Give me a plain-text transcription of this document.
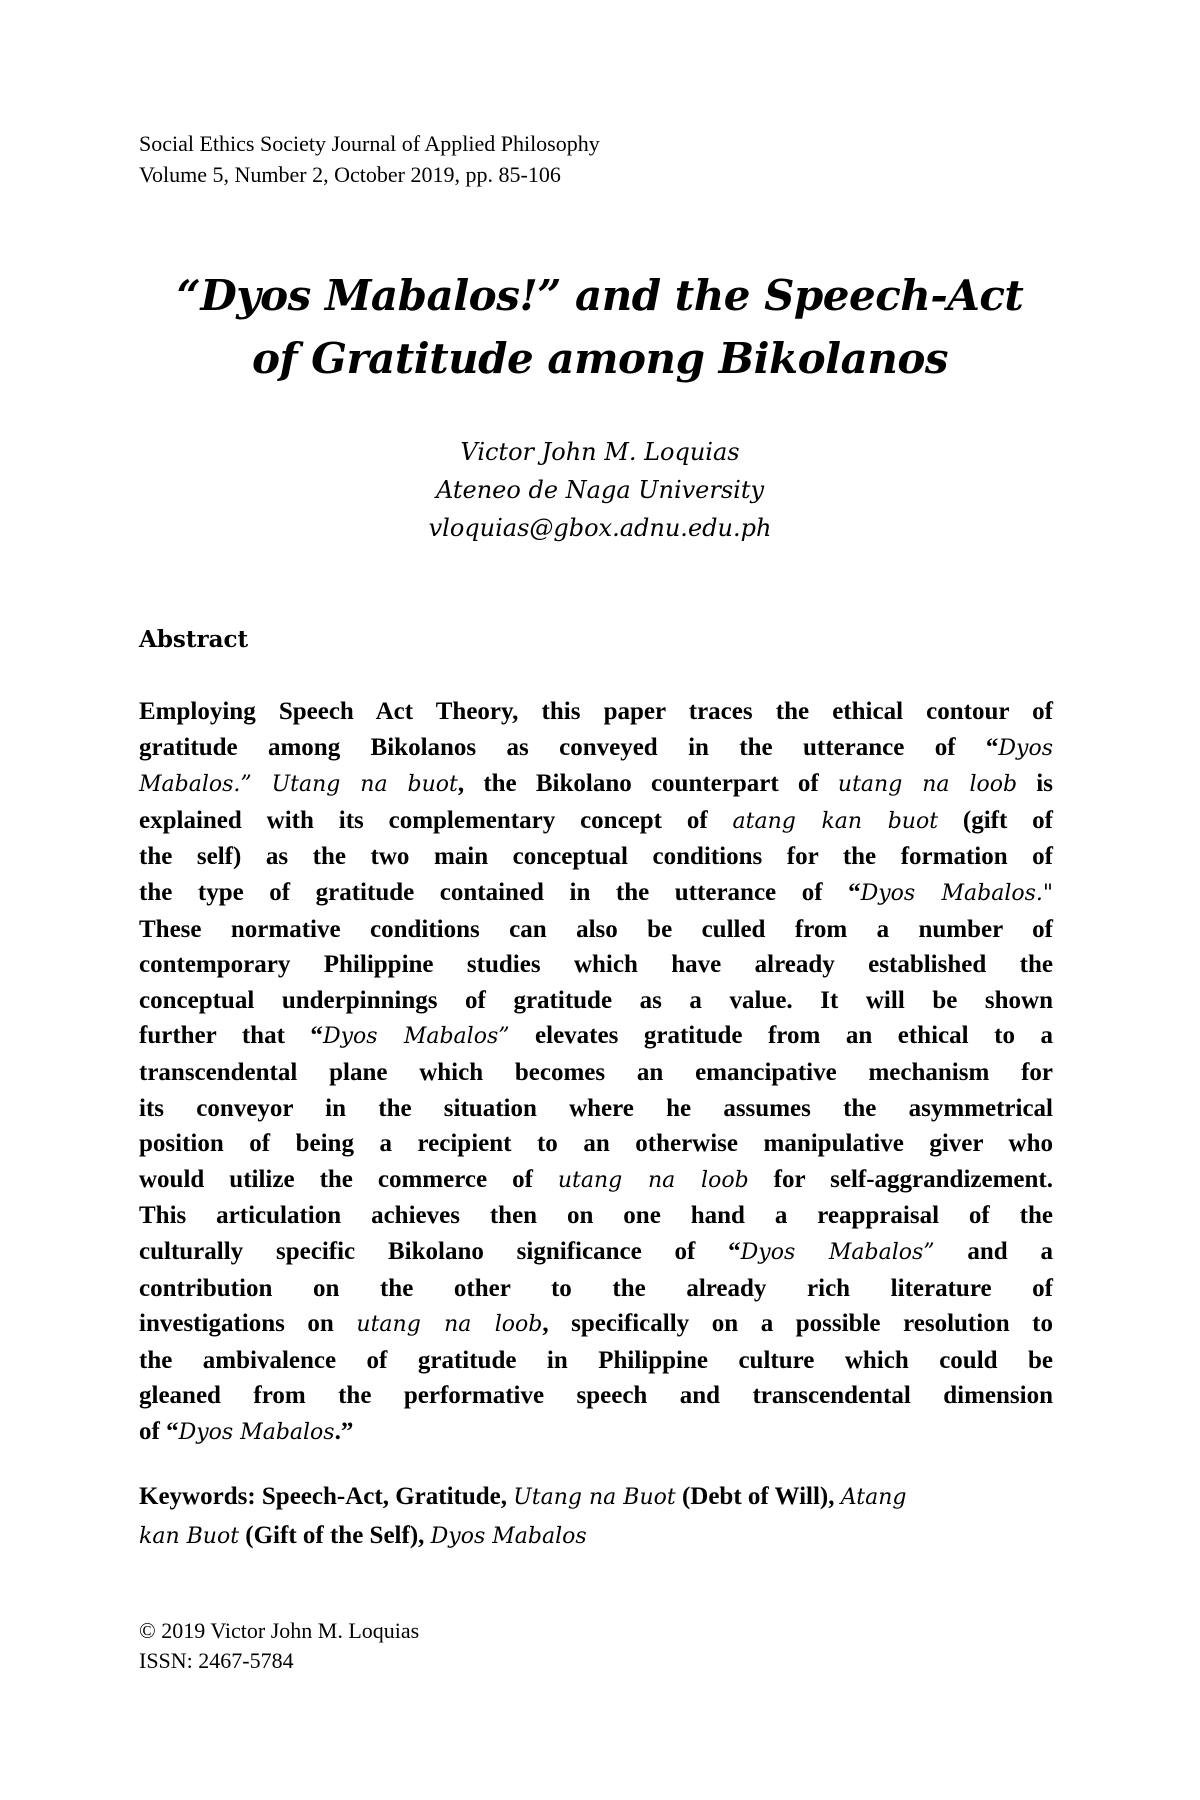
Social Ethics Society Journal of Applied Philosophy
Volume 5, Number 2, October 2019, pp. 85-106
“Dyos Mabalos!” and the Speech-Act
of Gratitude among Bikolanos
Victor John M. Loquias
Ateneo de Naga University
vloquias@gbox.adnu.edu.ph
Abstract
Employing Speech Act Theory, this paper traces the ethical contour of
gratitude among Bikolanos as conveyed in the utterance of “Dyos
Mabalos.” Utang na buot, the Bikolano counterpart of utang na loob is
explained with its complementary concept of atang kan buot (gift of
the self) as the two main conceptual conditions for the formation of
the type of gratitude contained in the utterance of “Dyos Mabalos."
These normative conditions can also be culled from a number of
contemporary Philippine studies which have already established the
conceptual underpinnings of gratitude as a value. It will be shown
further that “Dyos Mabalos” elevates gratitude from an ethical to a
transcendental plane which becomes an emancipative mechanism for
its conveyor in the situation where he assumes the asymmetrical
position of being a recipient to an otherwise manipulative giver who
would utilize the commerce of utang na loob for self-aggrandizement.
This articulation achieves then on one hand a reappraisal of the
culturally specific Bikolano significance of “Dyos Mabalos” and a
contribution on the other to the already rich literature of
investigations on utang na loob, specifically on a possible resolution to
the ambivalence of gratitude in Philippine culture which could be
gleaned from the performative speech and transcendental dimension
of “Dyos Mabalos.”
Keywords: Speech-Act, Gratitude, Utang na Buot (Debt of Will), Atang
kan Buot (Gift of the Self), Dyos Mabalos
© 2019 Victor John M. Loquias
ISSN: 2467-5784
